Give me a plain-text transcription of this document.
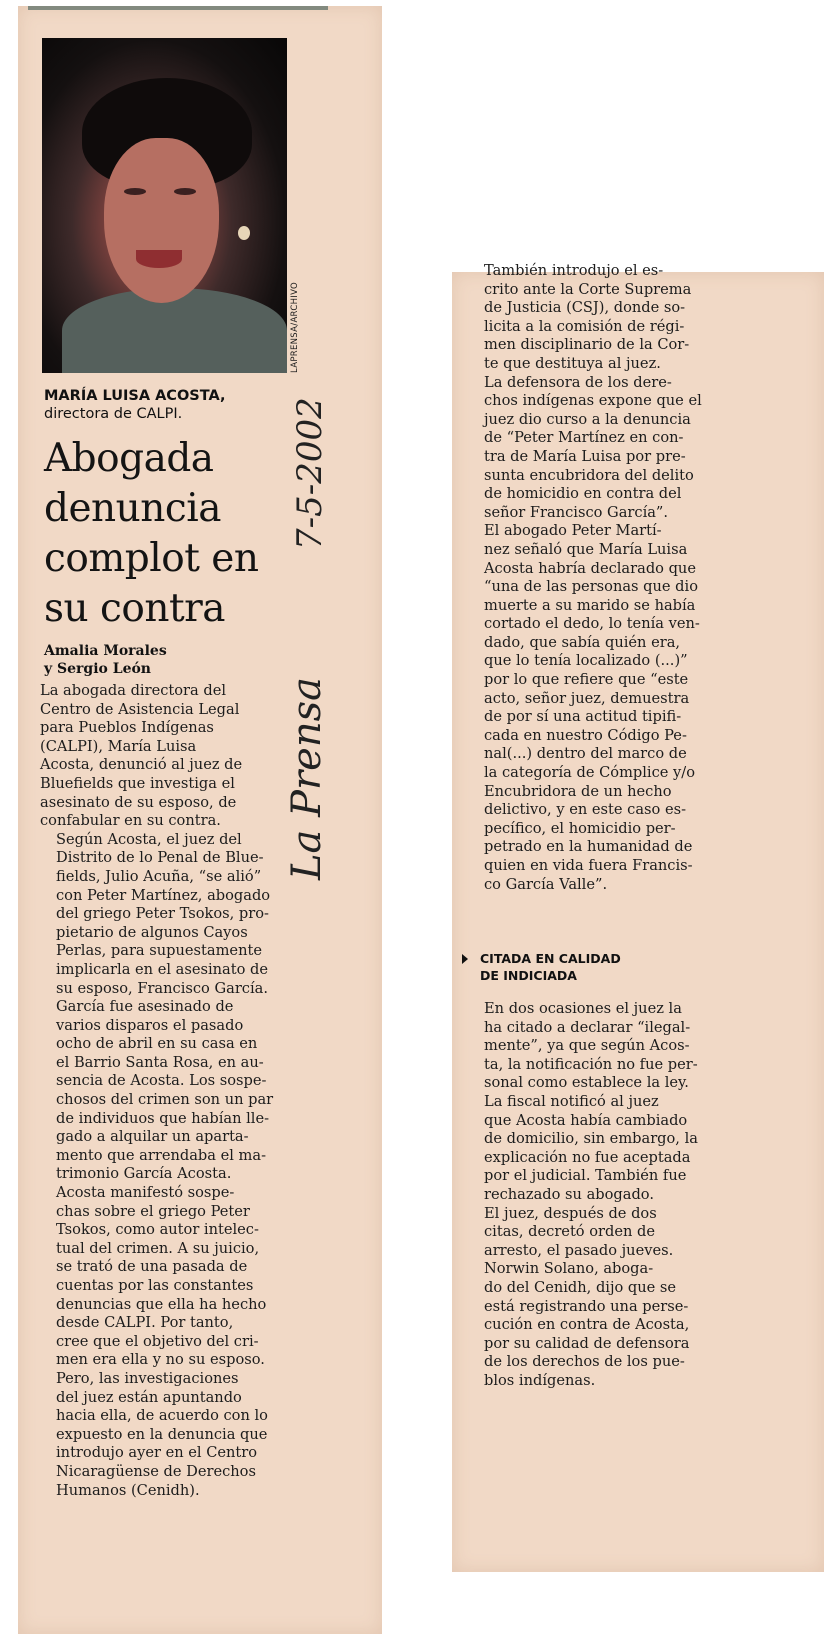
LAPRENSA/ARCHIVO
MARÍA LUISA ACOSTA,
directora de CALPI.
Abogada
denuncia
complot en
su contra
Amalia Morales
y Sergio León
7-5-2002
La Prensa

La abogada directora del
Centro de Asistencia Legal
para Pueblos Indígenas
(CALPI), María Luisa
Acosta, denunció al juez de
Bluefields que investiga el
asesinato de su esposo, de
confabular en su contra.

Según Acosta, el juez del
Distrito de lo Penal de Blue-
fields, Julio Acuña, “se alió”
con Peter Martínez, abogado
del griego Peter Tsokos, pro-
pietario de algunos Cayos
Perlas, para supuestamente
implicarla en el asesinato de
su esposo, Francisco García.

García fue asesinado de
varios disparos el pasado
ocho de abril en su casa en
el Barrio Santa Rosa, en au-
sencia de Acosta. Los sospe-
chosos del crimen son un par
de individuos que habían lle-
gado a alquilar un aparta-
mento que arrendaba el ma-
trimonio García Acosta.

Acosta manifestó sospe-
chas sobre el griego Peter
Tsokos, como autor intelec-
tual del crimen. A su juicio,
se trató de una pasada de
cuentas por las constantes
denuncias que ella ha hecho
desde CALPI. Por tanto,
cree que el objetivo del cri-
men era ella y no su esposo.

Pero, las investigaciones
del juez están apuntando
hacia ella, de acuerdo con lo
expuesto en la denuncia que
introdujo ayer en el Centro
Nicaragüense de Derechos
Humanos (Cenidh).

También introdujo el es-
crito ante la Corte Suprema
de Justicia (CSJ), donde so-
licita a la comisión de régi-
men disciplinario de la Cor-
te que destituya al juez.

La defensora de los dere-
chos indígenas expone que el
juez dio curso a la denuncia
de “Peter Martínez en con-
tra de María Luisa por pre-
sunta encubridora del delito
de homicidio en contra del
señor Francisco García”.

El abogado Peter Martí-
nez señaló que María Luisa
Acosta habría declarado que
“una de las personas que dio
muerte a su marido se había
cortado el dedo, lo tenía ven-
dado, que sabía quién era,
que lo tenía localizado (...)”
por lo que refiere que “este
acto, señor juez, demuestra
de por sí una actitud tipifi-
cada en nuestro Código Pe-
nal(...) dentro del marco de
la categoría de Cómplice y/o
Encubridora de un hecho
delictivo, y en este caso es-
pecífico, el homicidio per-
petrado en la humanidad de
quien en vida fuera Francis-
co García Valle”.

CITADA EN CALIDAD
DE INDICIADA

En dos ocasiones el juez la
ha citado a declarar “ilegal-
mente”, ya que según Acos-
ta, la notificación no fue per-
sonal como establece la ley.

La fiscal notificó al juez
que Acosta había cambiado
de domicilio, sin embargo, la
explicación no fue aceptada
por el judicial. También fue
rechazado su abogado.

El juez, después de dos
citas, decretó orden de
arresto, el pasado jueves.

Norwin Solano, aboga-
do del Cenidh, dijo que se
está registrando una perse-
cución en contra de Acosta,
por su calidad de defensora
de los derechos de los pue-
blos indígenas.
